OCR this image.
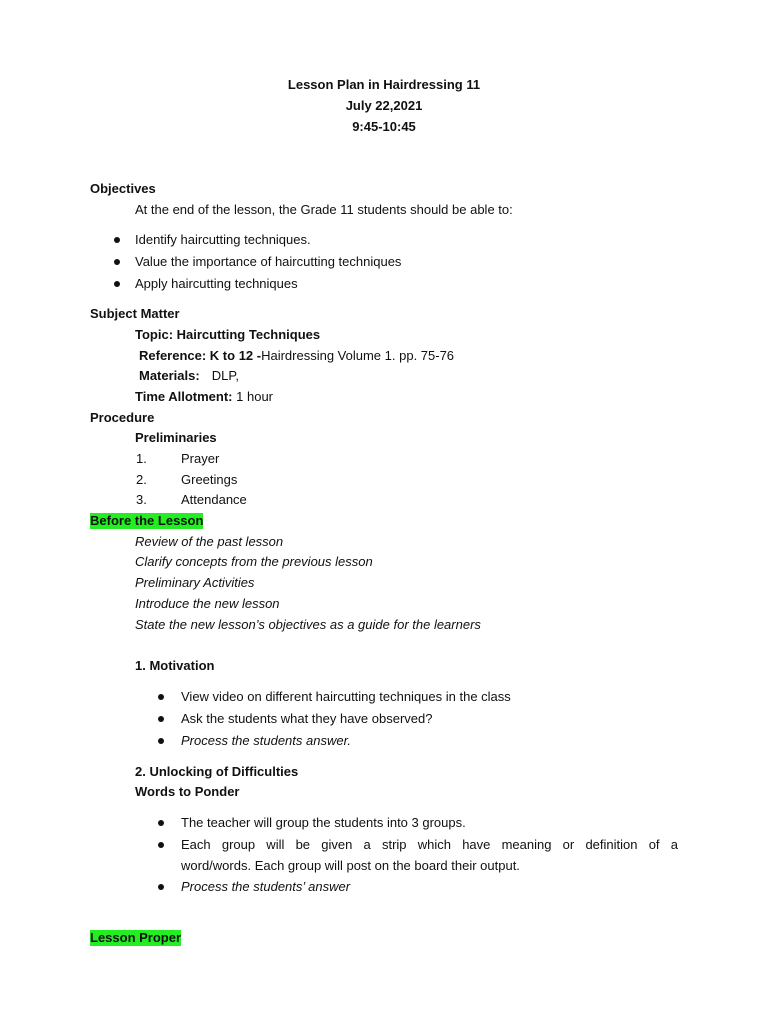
Lesson Plan in Hairdressing 11
July 22,2021
9:45-10:45
Objectives
At the end of the lesson, the Grade 11 students should be able to:
Identify haircutting techniques.
Value the importance of haircutting techniques
Apply haircutting techniques
Subject Matter
Topic: Haircutting Techniques
Reference: K to 12 -Hairdressing Volume 1. pp. 75-76
Materials: DLP,
Time Allotment: 1 hour
Procedure
Preliminaries
1.	Prayer
2.	Greetings
3.	Attendance
Before the Lesson
Review of the past lesson
Clarify concepts from the previous lesson
Preliminary Activities
Introduce the new lesson
State the new lesson’s objectives as a guide for the learners
1. Motivation
View video on different haircutting techniques in the class
Ask the students what they have observed?
Process the students answer.
2. Unlocking of Difficulties
Words to Ponder
The teacher will group the students into 3 groups.
Each group will be given a strip which have meaning or definition of a
word/words. Each group will post on the board their output.
Process the students’ answer
Lesson Proper
